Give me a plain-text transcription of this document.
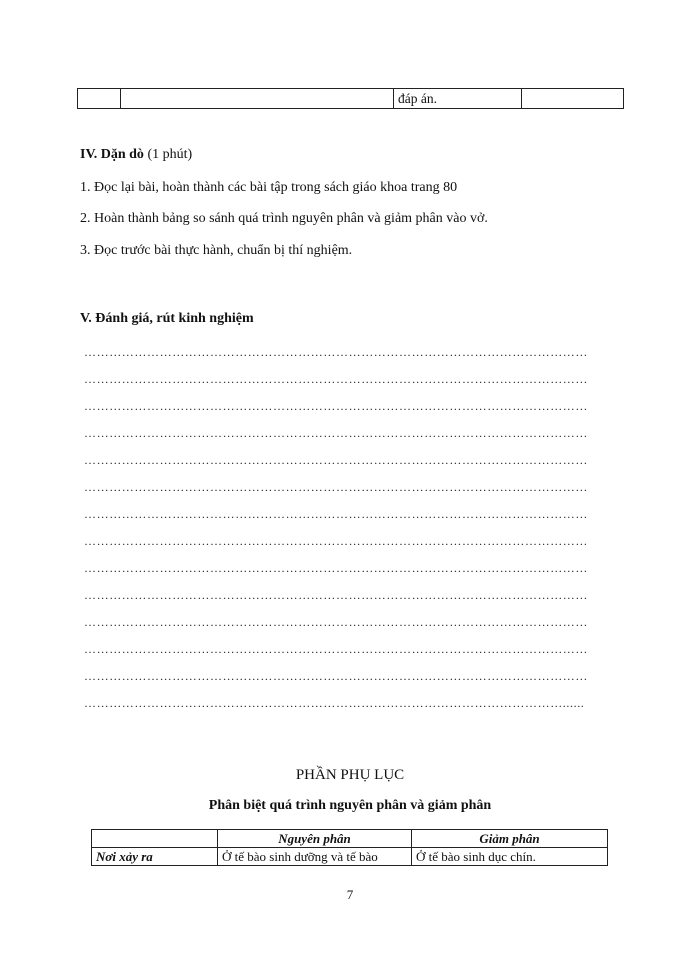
		đáp án.	
IV. Dặn dò (1 phút)
1. Đọc lại bài, hoàn thành các bài tập trong sách giáo khoa trang 80
2. Hoàn thành bảng so sánh quá trình nguyên phân và giảm phân vào vở.
3. Đọc trước bài thực hành, chuẩn bị thí nghiệm.
V. Đánh giá, rút kinh nghiệm
…………………………………………………………………………………………………………
…………………………………………………………………………………………………………
…………………………………………………………………………………………………………
…………………………………………………………………………………………………………
…………………………………………………………………………………………………………
…………………………………………………………………………………………………………
…………………………………………………………………………………………………………
…………………………………………………………………………………………………………
…………………………………………………………………………………………………………
…………………………………………………………………………………………………………
…………………………………………………………………………………………………………
…………………………………………………………………………………………………………
…………………………………………………………………………………………………………
……………………………………………………………………………………………………......
PHẦN PHỤ LỤC
Phân biệt quá trình nguyên phân và giảm phân
	Nguyên phân	Giảm phân
Nơi xảy ra	Ở tế bào sinh dưỡng và tế bào	Ở tế bào sinh dục chín.
7
